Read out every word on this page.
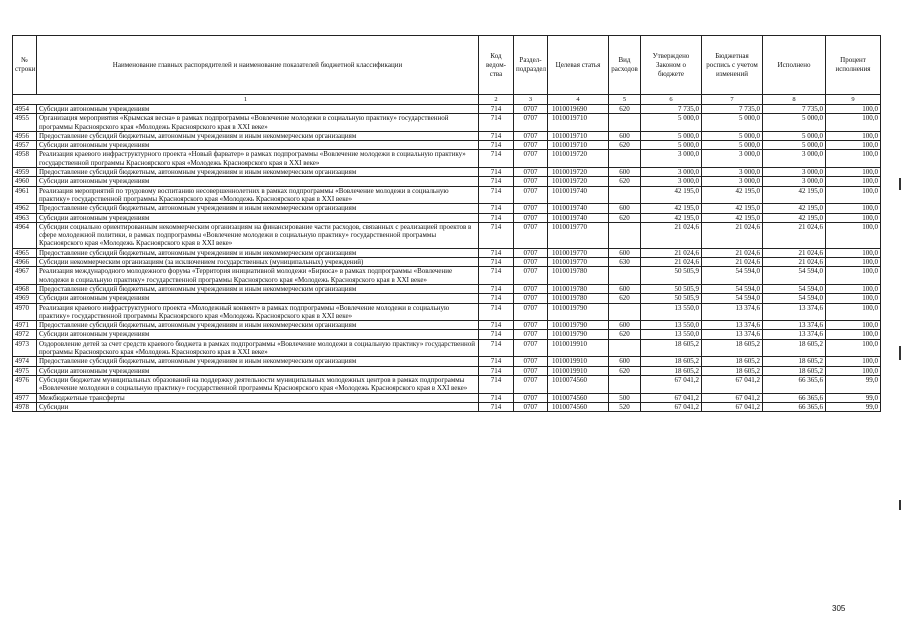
№ строки	Наименование главных распорядителей и наименование показателей бюджетной классификации	Код ведом-ства	Раздел-подраздел	Целевая статья	Вид расходов	Утверждено Законом о бюджете	Бюджетная роспись с учетом изменений	Исполнено	Процент исполнения
1		2	3	4	5	6	7	8	9
4954	Субсидии автономным учреждениям	714	0707	1010019690	620	7 735,0	7 735,0	7 735,0	100,0
4955	Организация мероприятия «Крымская весна» в рамках подпрограммы «Вовлечение молодежи в социальную практику» государственной программы Красноярского края «Молодежь Красноярского края в XXI веке»	714	0707	1010019710		5 000,0	5 000,0	5 000,0	100,0
4956	Предоставление субсидий бюджетным, автономным учреждениям и иным некоммерческим организациям	714	0707	1010019710	600	5 000,0	5 000,0	5 000,0	100,0
4957	Субсидии автономным учреждениям	714	0707	1010019710	620	5 000,0	5 000,0	5 000,0	100,0
4958	Реализация краевого инфраструктурного проекта «Новый фарватер» в рамках подпрограммы «Вовлечение молодежи в социальную практику» государственной программы Красноярского края «Молодежь Красноярского края в XXI веке»	714	0707	1010019720		3 000,0	3 000,0	3 000,0	100,0
4959	Предоставление субсидий бюджетным, автономным учреждениям и иным некоммерческим организациям	714	0707	1010019720	600	3 000,0	3 000,0	3 000,0	100,0
4960	Субсидии автономным учреждениям	714	0707	1010019720	620	3 000,0	3 000,0	3 000,0	100,0
4961	Реализация мероприятий по трудовому воспитанию несовершеннолетних в рамках подпрограммы «Вовлечение молодежи в социальную практику» государственной программы Красноярского края «Молодежь Красноярского края в XXI веке»	714	0707	1010019740		42 195,0	42 195,0	42 195,0	100,0
4962	Предоставление субсидий бюджетным, автономным учреждениям и иным некоммерческим организациям	714	0707	1010019740	600	42 195,0	42 195,0	42 195,0	100,0
4963	Субсидии автономным учреждениям	714	0707	1010019740	620	42 195,0	42 195,0	42 195,0	100,0
4964	Субсидии социально ориентированным некоммерческим организациям на финансирование части расходов, связанных с реализацией проектов в сфере молодежной политики, в рамках подпрограммы «Вовлечение молодежи в социальную практику» государственной программы Красноярского края «Молодежь Красноярского края в XXI веке»	714	0707	1010019770		21 024,6	21 024,6	21 024,6	100,0
4965	Предоставление субсидий бюджетным, автономным учреждениям и иным некоммерческим организациям	714	0707	1010019770	600	21 024,6	21 024,6	21 024,6	100,0
4966	Субсидии некоммерческим организациям (за исключением государственных (муниципальных) учреждений)	714	0707	1010019770	630	21 024,6	21 024,6	21 024,6	100,0
4967	Реализация международного молодежного форума «Территория инициативной молодежи «Бирюса» в рамках подпрограммы «Вовлечение молодежи в социальную практику» государственной программы Красноярского края «Молодежь Красноярского края в XXI веке»	714	0707	1010019780		50 505,9	54 594,0	54 594,0	100,0
4968	Предоставление субсидий бюджетным, автономным учреждениям и иным некоммерческим организациям	714	0707	1010019780	600	50 505,9	54 594,0	54 594,0	100,0
4969	Субсидии автономным учреждениям	714	0707	1010019780	620	50 505,9	54 594,0	54 594,0	100,0
4970	Реализация краевого инфраструктурного проекта «Молодежный конвент» в рамках подпрограммы «Вовлечение молодежи в социальную практику» государственной программы Красноярского края «Молодежь Красноярского края в XXI веке»	714	0707	1010019790		13 550,0	13 374,6	13 374,6	100,0
4971	Предоставление субсидий бюджетным, автономным учреждениям и иным некоммерческим организациям	714	0707	1010019790	600	13 550,0	13 374,6	13 374,6	100,0
4972	Субсидии автономным учреждениям	714	0707	1010019790	620	13 550,0	13 374,6	13 374,6	100,0
4973	Оздоровление детей за счет средств краевого бюджета в рамках подпрограммы «Вовлечение молодежи в социальную практику» государственной программы Красноярского края «Молодежь Красноярского края в XXI веке»	714	0707	1010019910		18 605,2	18 605,2	18 605,2	100,0
4974	Предоставление субсидий бюджетным, автономным учреждениям и иным некоммерческим организациям	714	0707	1010019910	600	18 605,2	18 605,2	18 605,2	100,0
4975	Субсидии автономным учреждениям	714	0707	1010019910	620	18 605,2	18 605,2	18 605,2	100,0
4976	Субсидии бюджетам муниципальных образований на поддержку деятельности муниципальных молодежных центров в рамках подпрограммы «Вовлечение молодежи в социальную практику» государственной программы Красноярского края «Молодежь Красноярского края в XXI веке»	714	0707	1010074560		67 041,2	67 041,2	66 365,6	99,0
4977	Межбюджетные трансферты	714	0707	1010074560	500	67 041,2	67 041,2	66 365,6	99,0
4978	Субсидии	714	0707	1010074560	520	67 041,2	67 041,2	66 365,6	99,0
305
